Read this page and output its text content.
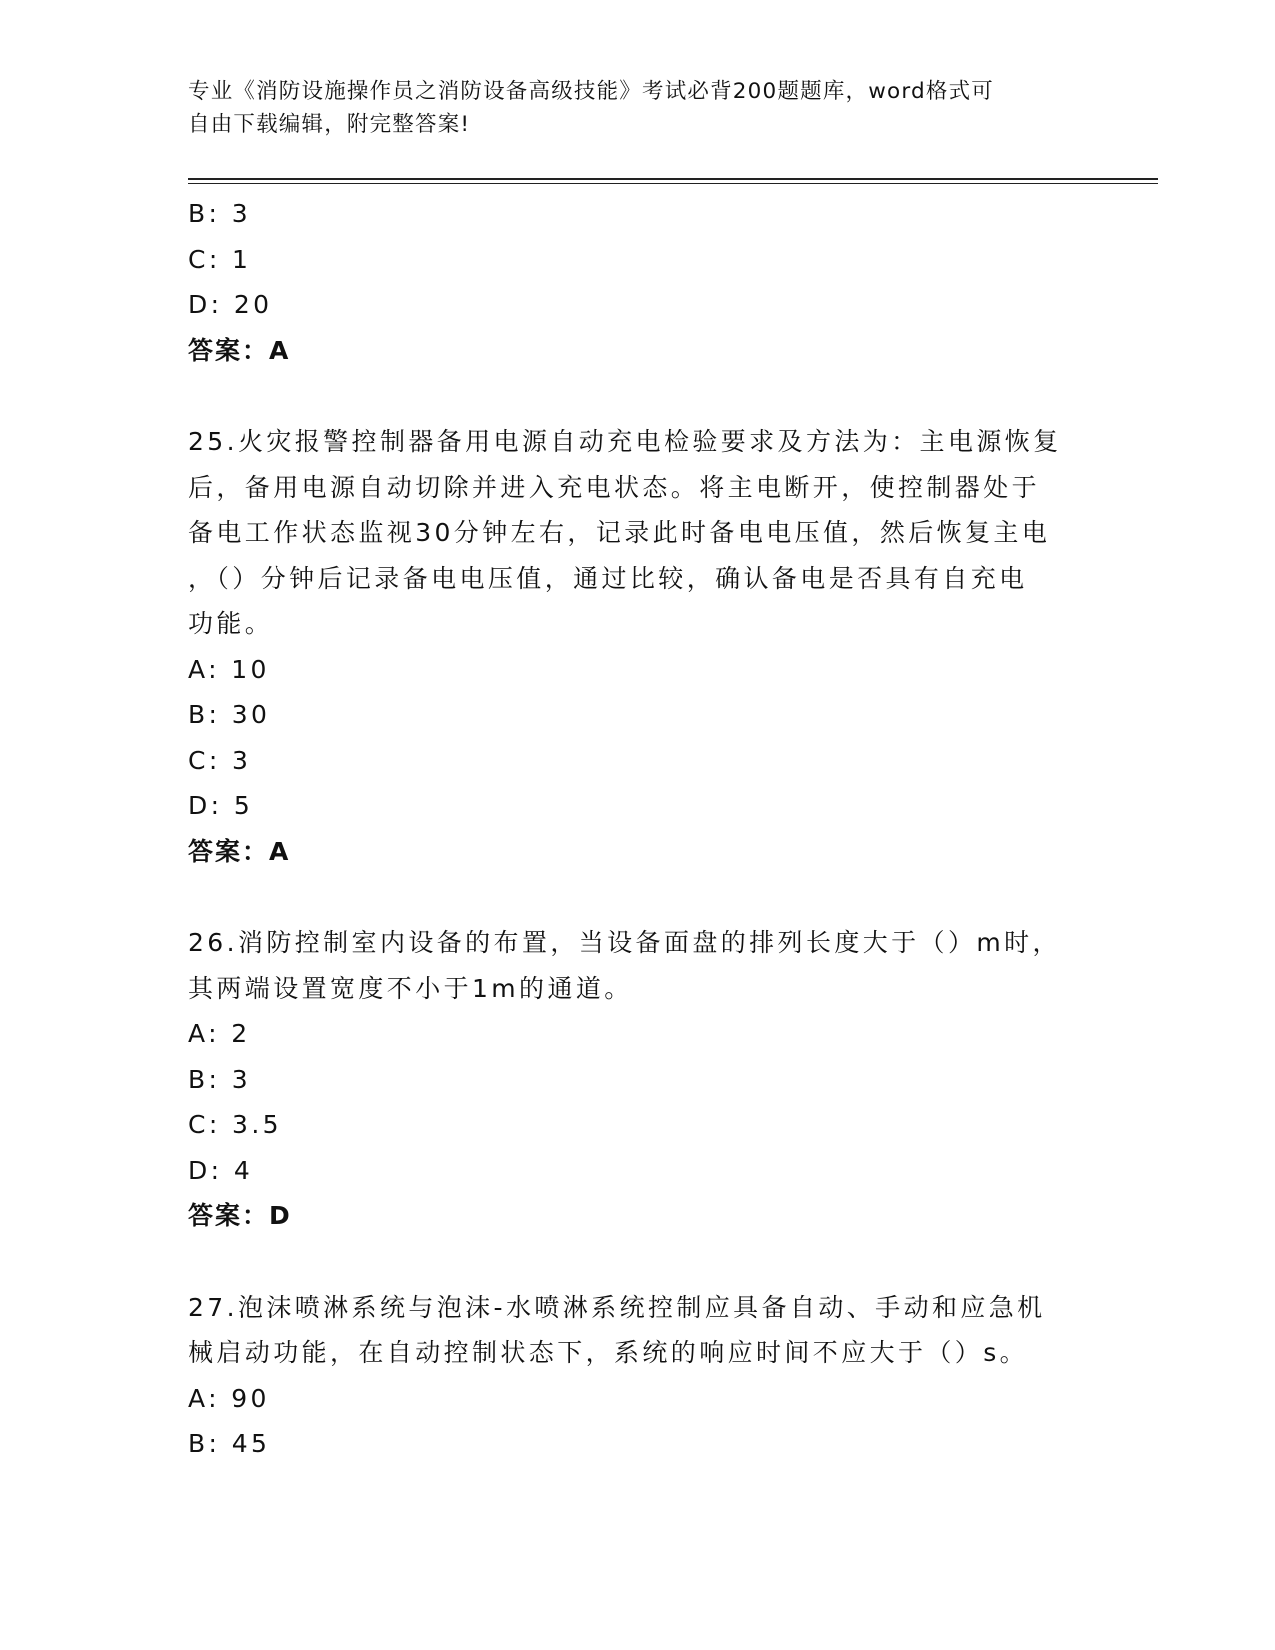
专业《消防设施操作员之消防设备高级技能》考试必背200题题库，word格式可
自由下载编辑，附完整答案!
B: 3
C: 1
D: 20
答案：A
25.火灾报警控制器备用电源自动充电检验要求及方法为：主电源恢复
后，备用电源自动切除并进入充电状态。将主电断开，使控制器处于
备电工作状态监视30分钟左右，记录此时备电电压值，然后恢复主电
，（）分钟后记录备电电压值，通过比较，确认备电是否具有自充电
功能。
A: 10
B: 30
C: 3
D: 5
答案：A
26.消防控制室内设备的布置，当设备面盘的排列长度大于（）m时，
其两端设置宽度不小于1m的通道。
A: 2
B: 3
C: 3.5
D: 4
答案：D
27.泡沫喷淋系统与泡沫-水喷淋系统控制应具备自动、手动和应急机
械启动功能，在自动控制状态下，系统的响应时间不应大于（）s。
A: 90
B: 45
